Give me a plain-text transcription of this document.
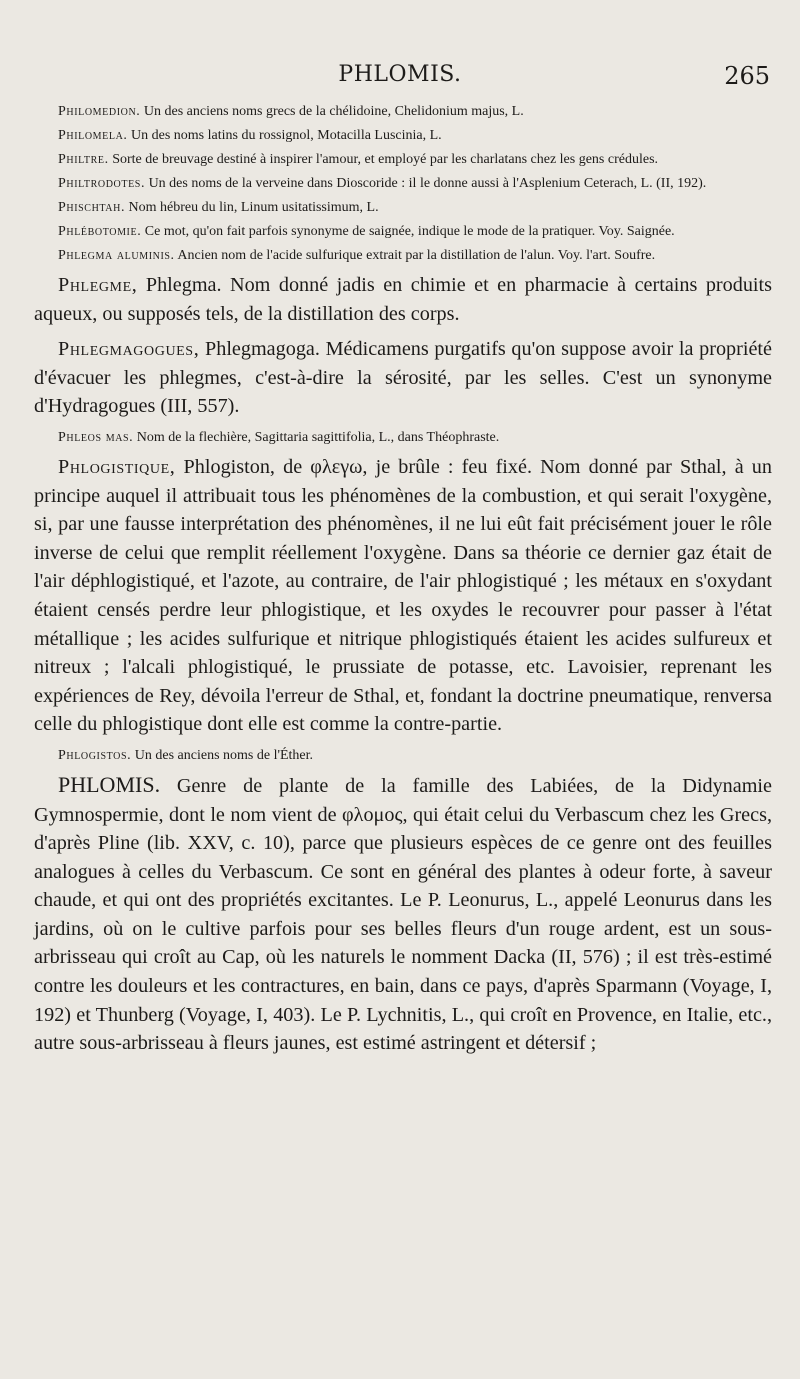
PHLOMIS.	265

Philomedion. Un des anciens noms grecs de la chélidoine, Chelidonium majus, L.

Philomela. Un des noms latins du rossignol, Motacilla Luscinia, L.

Philtre. Sorte de breuvage destiné à inspirer l'amour, et employé par les charlatans chez les gens crédules.

Philtrodotes. Un des noms de la verveine dans Dioscoride : il le donne aussi à l'Asplenium Ceterach, L. (II, 192).

Phischtah. Nom hébreu du lin, Linum usitatissimum, L.

Phlébotomie. Ce mot, qu'on fait parfois synonyme de saignée, indique le mode de la pratiquer. Voy. Saignée.

Phlegma aluminis. Ancien nom de l'acide sulfurique extrait par la distillation de l'alun. Voy. l'art. Soufre.

Phlegme, Phlegma. Nom donné jadis en chimie et en pharmacie à certains produits aqueux, ou supposés tels, de la distillation des corps.

Phlegmagogues, Phlegmagoga. Médicamens purgatifs qu'on suppose avoir la propriété d'évacuer les phlegmes, c'est-à-dire la sérosité, par les selles. C'est un synonyme d'Hydragogues (III, 557).

Phleos mas. Nom de la flechière, Sagittaria sagittifolia, L., dans Théophraste.

Phlogistique, Phlogiston, de φλεγω, je brûle : feu fixé. Nom donné par Sthal, à un principe auquel il attribuait tous les phénomènes de la combustion, et qui serait l'oxygène, si, par une fausse interprétation des phénomènes, il ne lui eût fait précisément jouer le rôle inverse de celui que remplit réellement l'oxygène. Dans sa théorie ce dernier gaz était de l'air déphlogistiqué, et l'azote, au contraire, de l'air phlogistiqué ; les métaux en s'oxydant étaient censés perdre leur phlogistique, et les oxydes le recouvrer pour passer à l'état métallique ; les acides sulfurique et nitrique phlogistiqués étaient les acides sulfureux et nitreux ; l'alcali phlogistiqué, le prussiate de potasse, etc. Lavoisier, reprenant les expériences de Rey, dévoila l'erreur de Sthal, et, fondant la doctrine pneumatique, renversa celle du phlogistique dont elle est comme la contre-partie.

Phlogistos. Un des anciens noms de l'Éther.

PHLOMIS. Genre de plante de la famille des Labiées, de la Didynamie Gymnospermie, dont le nom vient de φλομος, qui était celui du Verbascum chez les Grecs, d'après Pline (lib. XXV, c. 10), parce que plusieurs espèces de ce genre ont des feuilles analogues à celles du Verbascum. Ce sont en général des plantes à odeur forte, à saveur chaude, et qui ont des propriétés excitantes. Le P. Leonurus, L., appelé Leonurus dans les jardins, où on le cultive parfois pour ses belles fleurs d'un rouge ardent, est un sous-arbrisseau qui croît au Cap, où les naturels le nomment Dacka (II, 576) ; il est très-estimé contre les douleurs et les contractures, en bain, dans ce pays, d'après Sparmann (Voyage, I, 192) et Thunberg (Voyage, I, 403). Le P. Lychnitis, L., qui croît en Provence, en Italie, etc., autre sous-arbrisseau à fleurs jaunes, est estimé astringent et détersif ;
